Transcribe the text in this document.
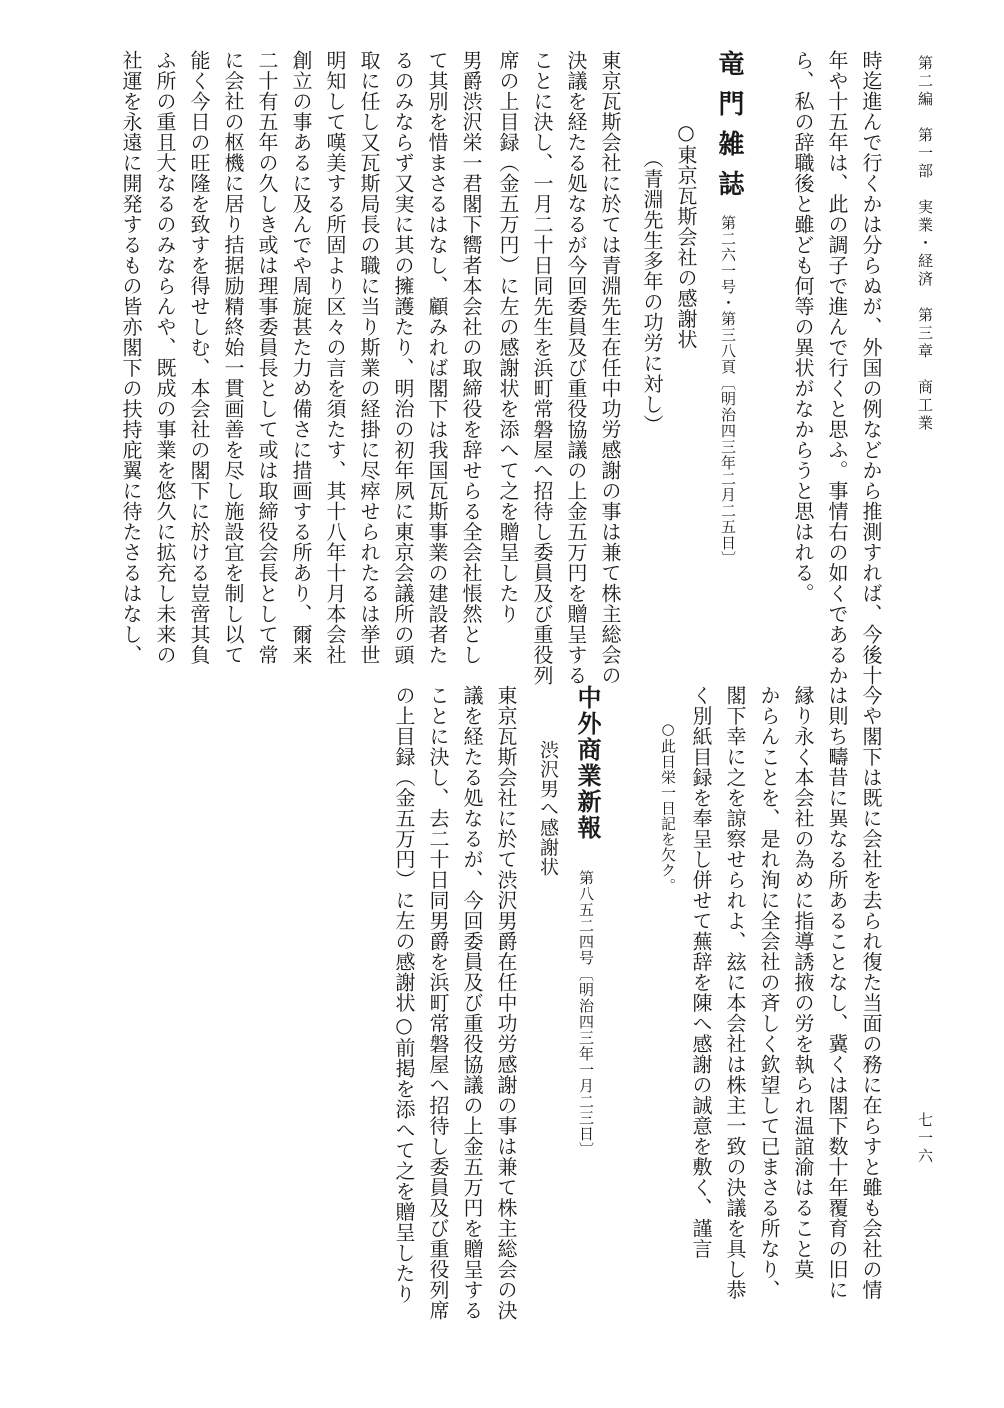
第二編　第一部　実業・経済　第三章　商工業
七一六
時迄進んで行くかは分らぬが、外国の例などから推測すれば、今後十
年や十五年は、此の調子で進んで行くと思ふ。事情右の如くであるか
ら、私の辞職後と雖ども何等の異状がなからうと思はれる。
竜門雑誌
第二六一号・第三八頁〔明治四三年二月二五日〕
○東京瓦斯会社の感謝状
（青淵先生多年の功労に対し）
東京瓦斯会社に於ては青淵先生在任中功労感謝の事は兼て株主総会の
決議を経たる処なるが今回委員及び重役協議の上金五万円を贈呈する
ことに決し、一月二十日同先生を浜町常磐屋へ招待し委員及び重役列
席の上目録（金五万円）に左の感謝状を添へて之を贈呈したり
男爵渋沢栄一君閣下嚮者本会社の取締役を辞せらる全会社悵然とし
て其別を惜まさるはなし、顧みれば閣下は我国瓦斯事業の建設者た
るのみならず又実に其の擁護たり、明治の初年夙に東京会議所の頭
取に任し又瓦斯局長の職に当り斯業の経掛に尽瘁せられたるは挙世
明知して嘆美する所固より区々の言を須たす、其十八年十月本会社
創立の事あるに及んでや周旋甚た力め備さに措画する所あり、爾来
二十有五年の久しき或は理事委員長として或は取締役会長として常
に会社の枢機に居り拮据励精終始一貫画善を尽し施設宜を制し以て
能く今日の旺隆を致すを得せしむ、本会社の閣下に於ける豈啻其負
ふ所の重且大なるのみならんや、既成の事業を悠久に拡充し未来の
社運を永遠に開発するもの皆亦閣下の扶持庇翼に待たさるはなし、
今や閣下は既に会社を去られ復た当面の務に在らすと雖も会社の情
は則ち疇昔に異なる所あることなし、冀くは閣下数十年覆育の旧に
縁り永く本会社の為めに指導誘掖の労を執られ温誼渝はること莫
からんことを、是れ洵に全会社の斉しく欽望して已まさる所なり、
閣下幸に之を諒察せられよ、玆に本会社は株主一致の決議を具し恭
く別紙目録を奉呈し併せて蕪辞を陳へ感謝の誠意を敷く、謹言
○此日栄一日記を欠ク。
中外商業新報
第八五二四号〔明治四三年一月二三日〕
渋沢男へ感謝状
東京瓦斯会社に於て渋沢男爵在任中功労感謝の事は兼て株主総会の決
議を経たる処なるが、今回委員及び重役協議の上金五万円を贈呈する
ことに決し、去二十日同男爵を浜町常磐屋へ招待し委員及び重役列席
の上目録（金五万円）に左の感謝状○前掲を添へて之を贈呈したり
